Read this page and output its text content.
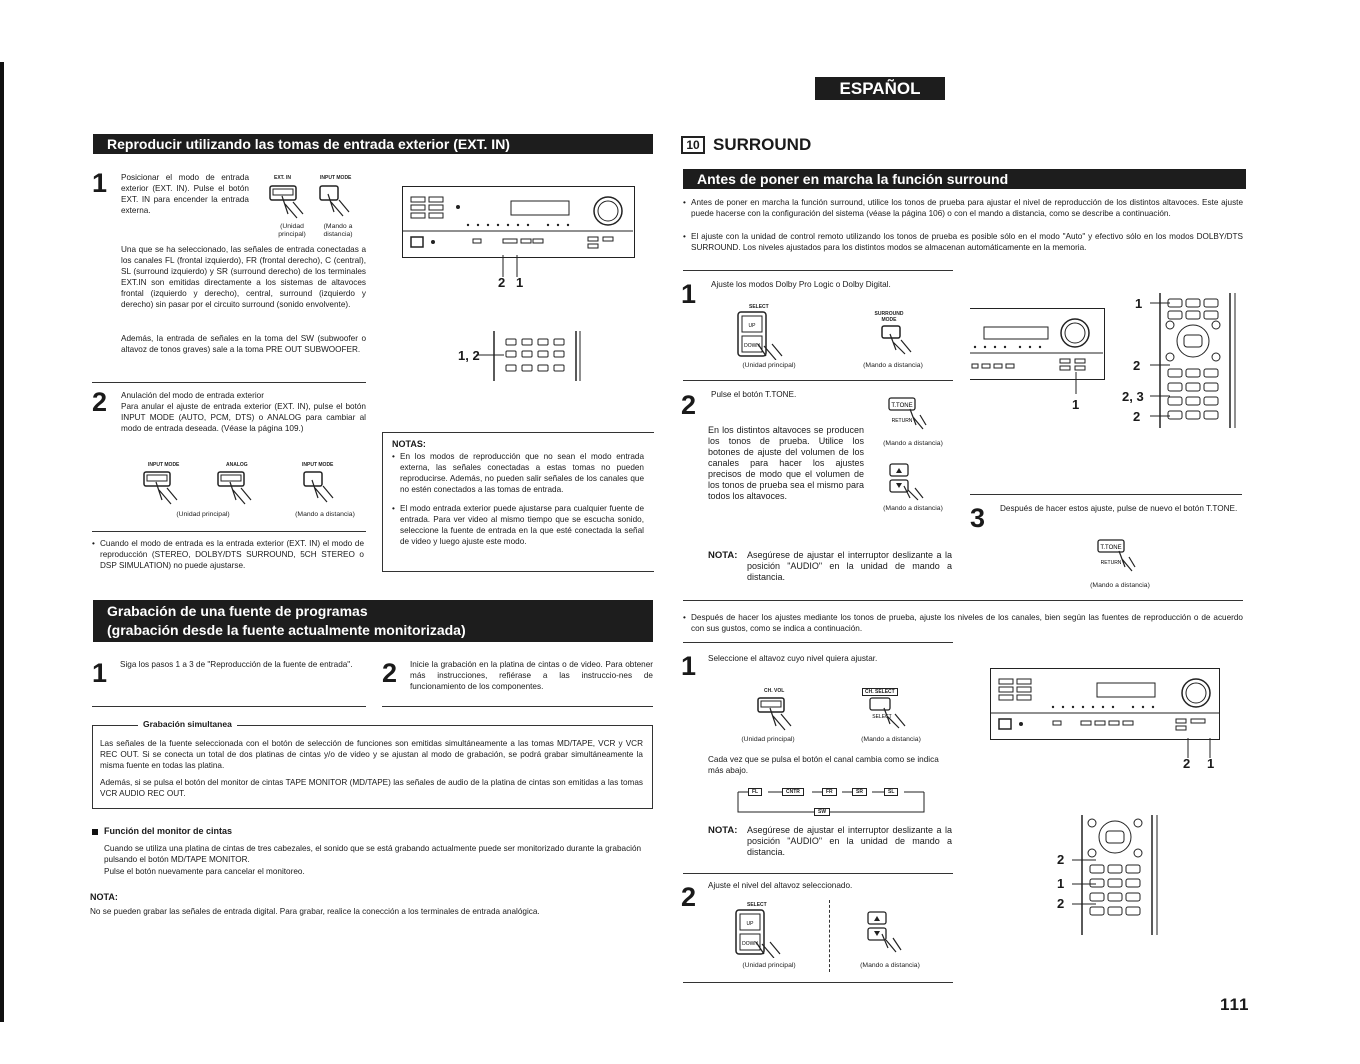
ESPAÑOL
Reproducir utilizando las tomas de entrada exterior (EXT. IN)
1 Posicionar el modo de entrada exterior (EXT. IN). Pulse el botón EXT. IN para encender la entrada externa.
EXT. IN	INPUT MODE
(Unidad principal)
(Mando a distancia)
Una que se ha seleccionado, las señales de entrada conectadas a los canales FL (frontal izquierdo), FR (frontal derecho), C (central), SL (surround izquierdo) y SR (surround derecho) de los terminales EXT.IN son emitidas directamente a los sistemas de altavoces frontal (izquierdo y derecho), central, surround (izquierdo y derecho) sin pasar por el circuito surround (sonido envolvente).
Además, la entrada de señales en la toma del SW (subwoofer o altavoz de tonos graves) sale a la toma PRE OUT SUBWOOFER.
2 1
1, 2
2 Anulación del modo de entrada exterior
Para anular el ajuste de entrada exterior (EXT. IN), pulse el botón INPUT MODE (AUTO, PCM, DTS) o ANALOG para cambiar al modo de entrada deseada. (Véase la página 109.)
INPUT MODE	ANALOG	INPUT MODE
(Unidad principal)	(Mando a distancia)
• Cuando el modo de entrada es la entrada exterior (EXT. IN) el modo de reproducción (STEREO, DOLBY/DTS SURROUND, 5CH STEREO o DSP SIMULATION) no puede ajustarse.
NOTAS:
• En los modos de reproducción que no sean el modo entrada externa, las señales conectadas a estas tomas no pueden reproducirse. Además, no pueden salir señales de los canales que no estén conectados a las tomas de entrada.
• El modo entrada exterior puede ajustarse para cualquier fuente de entrada. Para ver video al mismo tiempo que se escucha sonido, seleccione la fuente de entrada en la que esté conectada la señal de video y luego ajuste este modo.
Grabación de una fuente de programas
(grabación desde la fuente actualmente monitorizada)
1 Siga los pasos 1 a 3 de "Reproducción de la fuente de entrada".	2 Inicie la grabación en la platina de cintas o de video. Para obtener más instrucciones, refiérase a las instruccio-nes de funcionamiento de los componentes.
Grabación simultanea
Las señales de la fuente seleccionada con el botón de selección de funciones son emitidas simultáneamente a las tomas MD/TAPE, VCR y VCR REC OUT. Si se conecta un total de dos platinas de cintas y/o de video y se ajustan al modo de grabación, se podrá grabar simultáneamente la misma fuente en todas las platina.
Además, si se pulsa el botón del monitor de cintas TAPE MONITOR (MD/TAPE) las señales de audio de la platina de cintas son emitidas a las tomas VCR AUDIO REC OUT.
Función del monitor de cintas
Cuando se utiliza una platina de cintas de tres cabezales, el sonido que se está grabando actualmente puede ser monitorizado durante la grabación pulsando el botón MD/TAPE MONITOR.
Pulse el botón nuevamente para cancelar el monitoreo.
NOTA:
No se pueden grabar las señales de entrada digital. Para grabar, realice la conección a los terminales de entrada analógica.
10 SURROUND
Antes de poner en marcha la función surround
• Antes de poner en marcha la función surround, utilice los tonos de prueba para ajustar el nivel de reproducción de los distintos altavoces. Este ajuste puede hacerse con la configuración del sistema (véase la página 106) o con el mando a distancia, como se describe a continuación.
• El ajuste con la unidad de control remoto utilizando los tonos de prueba es posible sólo en el modo "Auto" y efectivo sólo en los modos DOLBY/DTS SURROUND. Los niveles ajustados para los distintos modos se almacenan automáticamente en la memoria.
1 Ajuste los modos Dolby Pro Logic o Dolby Digital.
SELECT
UP
DOWN
SURROUND MODE
(Unidad principal)	(Mando a distancia)
2 Pulse el botón T.TONE.
T.TONE
RETURN
(Mando a distancia)
En los distintos altavoces se producen los tonos de prueba. Utilice los botones de ajuste del volumen de los canales para hacer los ajustes precisos de modo que el volumen de los tonos de prueba sea el mismo para todos los altavoces.
(Mando a distancia)
NOTA: Asegúrese de ajustar el interruptor deslizante a la posición "AUDIO" en la unidad de mando a distancia.
1
1
2
2, 3
2
3 Después de hacer estos ajuste, pulse de nuevo el botón T.TONE.
T.TONE
RETURN
(Mando a distancia)
• Después de hacer los ajustes mediante los tonos de prueba, ajuste los niveles de los canales, bien según las fuentes de reproducción o de acuerdo con sus gustos, como se indica a continuación.
1 Seleccione el altavoz cuyo nivel quiera ajustar.
CH. VOL	CH. SELECT
SELECT
(Unidad principal)	(Mando a distancia)
Cada vez que se pulsa el botón el canal cambia como se indica más abajo.
FL	CNTR	FR	SR	SL
SW
NOTA: Asegúrese de ajustar el interruptor deslizante a la posición "AUDIO" en la unidad de mando a distancia.
2 Ajuste el nivel del altavoz seleccionado.
SELECT
UP
DOWN
(Unidad principal)	(Mando a distancia)
2 1
2
1
2
111
